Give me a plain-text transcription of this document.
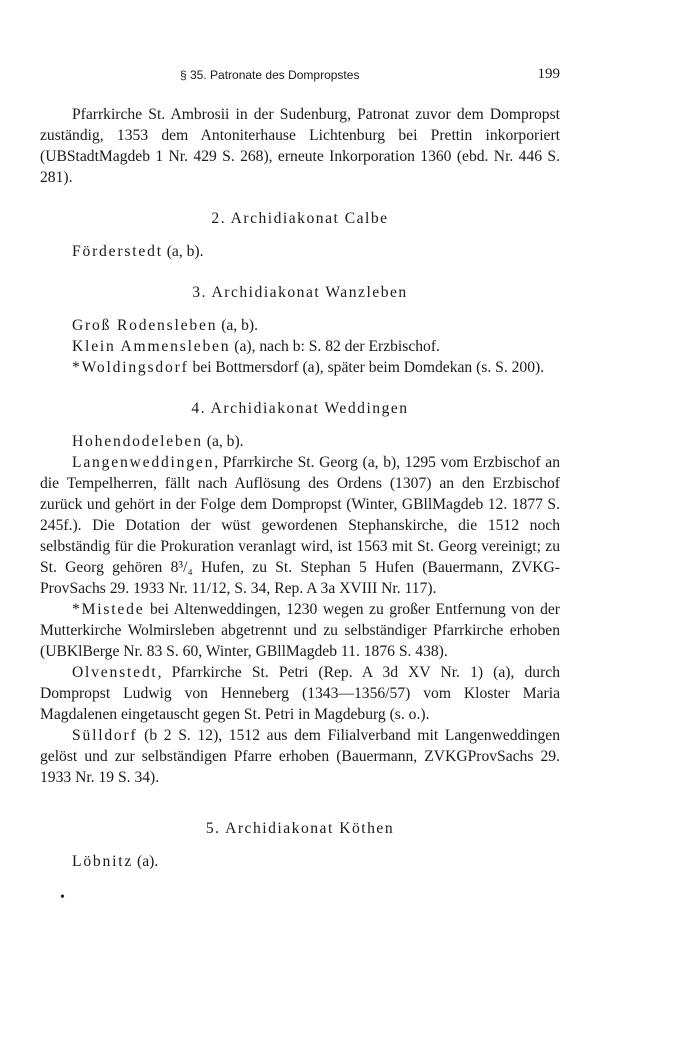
§ 35. Patronate des Dompropstes	199

Pfarrkirche St. Ambrosii in der Sudenburg, Patronat zuvor dem Dompropst zuständig, 1353 dem Antoniterhause Lichtenburg bei Prettin inkorporiert (UBStadtMagdeb 1 Nr. 429 S. 268), erneute Inkorporation 1360 (ebd. Nr. 446 S. 281).

2. Archidiakonat Calbe

Förderstedt (a, b).

3. Archidiakonat Wanzleben

Groß Rodensleben (a, b).

Klein Ammensleben (a), nach b: S. 82 der Erzbischof.

*Woldingsdorf bei Bottmersdorf (a), später beim Domdekan (s. S. 200).

4. Archidiakonat Weddingen

Hohendodeleben (a, b).

Langenweddingen, Pfarrkirche St. Georg (a, b), 1295 vom Erzbischof an die Tempelherren, fällt nach Auflösung des Ordens (1307) an den Erzbischof zurück und gehört in der Folge dem Dompropst (Winter, GBllMagdeb 12. 1877 S. 245f.). Die Dotation der wüst gewordenen Stephanskirche, die 1512 noch selbständig für die Prokuration veranlagt wird, ist 1563 mit St. Georg vereinigt; zu St. Georg gehören 8³/₄ Hufen, zu St. Stephan 5 Hufen (Bauermann, ZVKG-ProvSachs 29. 1933 Nr. 11/12, S. 34, Rep. A 3a XVIII Nr. 117).

*Mistede bei Altenweddingen, 1230 wegen zu großer Entfernung von der Mutterkirche Wolmirsleben abgetrennt und zu selbständiger Pfarrkirche erhoben (UBKlBerge Nr. 83 S. 60, Winter, GBllMagdeb 11. 1876 S. 438).

Olvenstedt, Pfarrkirche St. Petri (Rep. A 3d XV Nr. 1) (a), durch Dompropst Ludwig von Henneberg (1343—1356/57) vom Kloster Maria Magdalenen eingetauscht gegen St. Petri in Magdeburg (s. o.).

Sülldorf (b 2 S. 12), 1512 aus dem Filialverband mit Langenweddingen gelöst und zur selbständigen Pfarre erhoben (Bauermann, ZVKGProvSachs 29. 1933 Nr. 19 S. 34).

5. Archidiakonat Köthen

Löbnitz (a).

•
